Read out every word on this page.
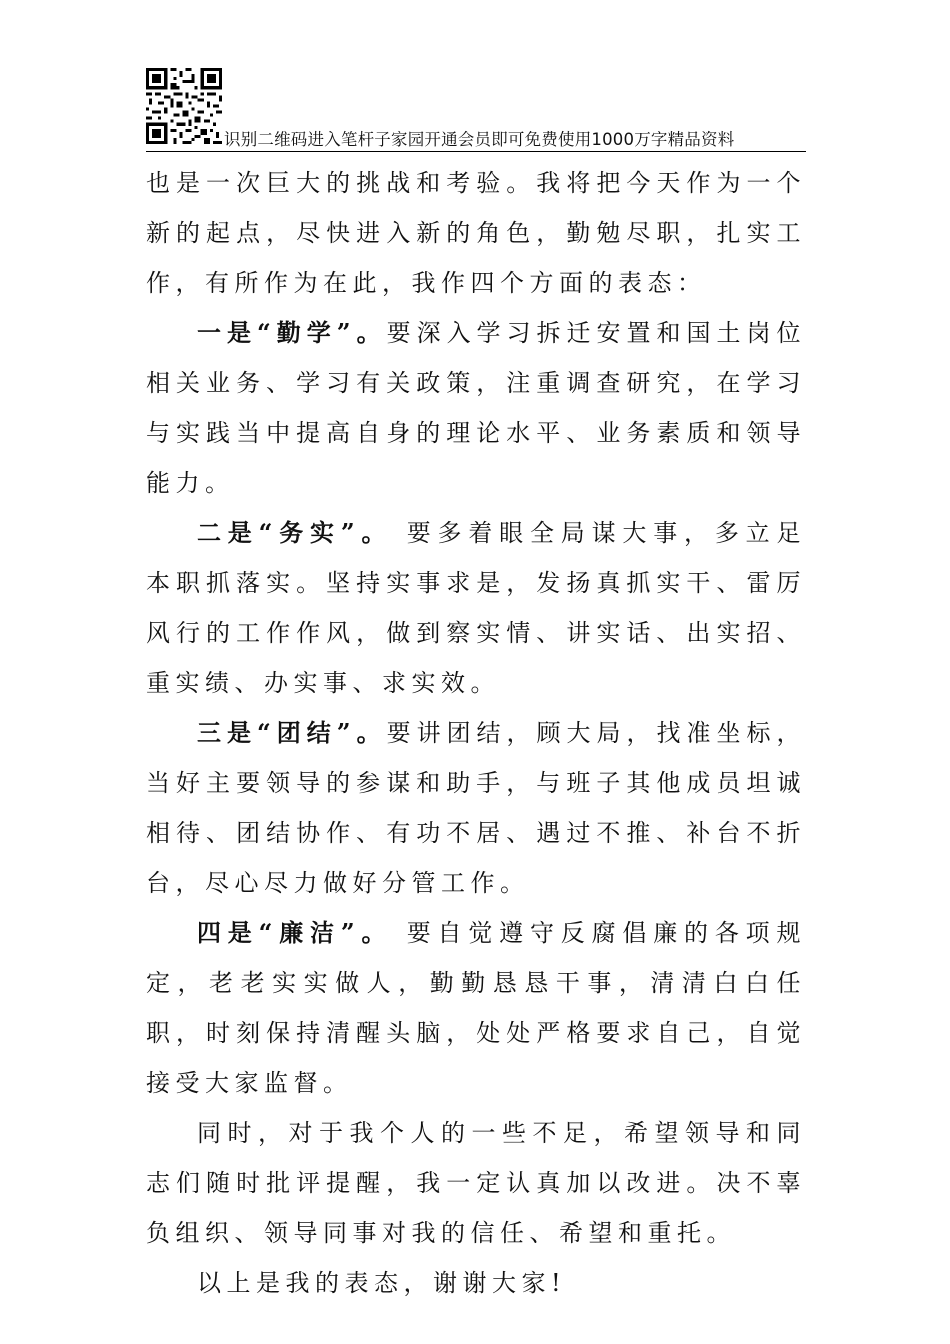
识别二维码进入笔杆子家园开通会员即可免费使用1000万字精品资料

也是一次巨大的挑战和考验。我将把今天作为一个新的起点，尽快进入新的角色，勤勉尽职，扎实工作，有所作为在此，我作四个方面的表态：

一是“勤学”。要深入学习拆迁安置和国土岗位相关业务、学习有关政策，注重调查研究，在学习与实践当中提高自身的理论水平、业务素质和领导能力。

二是“务实”。 要多着眼全局谋大事，多立足本职抓落实。坚持实事求是，发扬真抓实干、雷厉风行的工作作风，做到察实情、讲实话、出实招、重实绩、办实事、求实效。

三是“团结”。要讲团结，顾大局，找准坐标，当好主要领导的参谋和助手，与班子其他成员坦诚相待、团结协作、有功不居、遇过不推、补台不折台，尽心尽力做好分管工作。

四是“廉洁”。 要自觉遵守反腐倡廉的各项规定，老老实实做人，勤勤恳恳干事，清清白白任职，时刻保持清醒头脑，处处严格要求自己，自觉接受大家监督。

同时，对于我个人的一些不足，希望领导和同志们随时批评提醒，我一定认真加以改进。决不辜负组织、领导同事对我的信任、希望和重托。

以上是我的表态，谢谢大家!
